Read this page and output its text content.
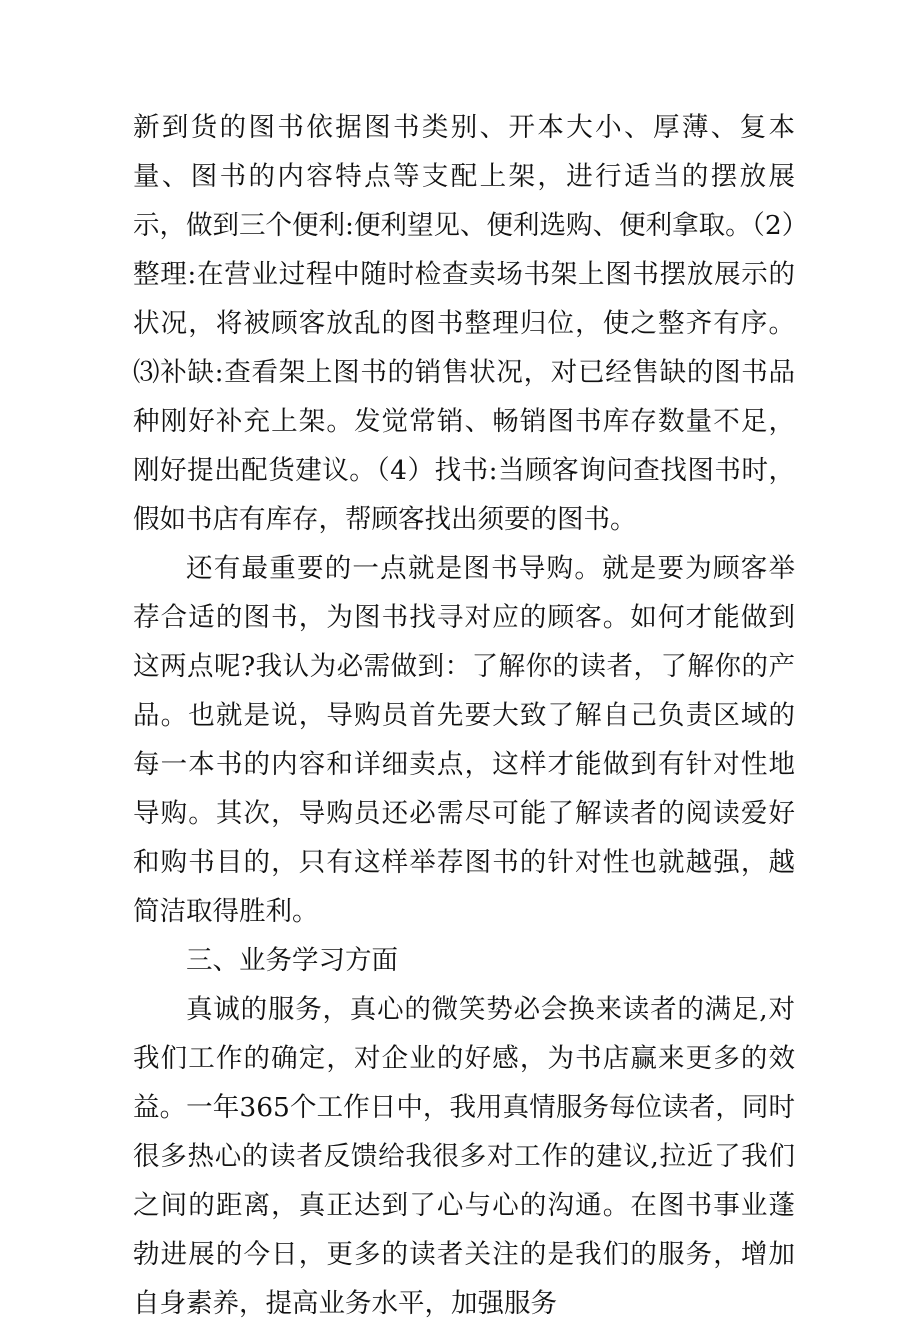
新到货的图书依据图书类别、开本大小、厚薄、复本量、图书的内容特点等支配上架，进行适当的摆放展示，做到三个便利:便利望见、便利选购、便利拿取。（2）整理:在营业过程中随时检查卖场书架上图书摆放展示的状况，将被顾客放乱的图书整理归位，使之整齐有序。⑶补缺:查看架上图书的销售状况，对已经售缺的图书品种刚好补充上架。发觉常销、畅销图书库存数量不足，刚好提出配货建议。（4）找书:当顾客询问查找图书时，假如书店有库存，帮顾客找出须要的图书。

还有最重要的一点就是图书导购。就是要为顾客举荐合适的图书，为图书找寻对应的顾客。如何才能做到这两点呢?我认为必需做到：了解你的读者，了解你的产品。也就是说，导购员首先要大致了解自己负责区域的每一本书的内容和详细卖点，这样才能做到有针对性地导购。其次，导购员还必需尽可能了解读者的阅读爱好和购书目的，只有这样举荐图书的针对性也就越强，越简洁取得胜利。

三、业务学习方面

真诚的服务，真心的微笑势必会换来读者的满足,对我们工作的确定，对企业的好感，为书店赢来更多的效益。一年365个工作日中，我用真情服务每位读者，同时很多热心的读者反馈给我很多对工作的建议,拉近了我们之间的距离，真正达到了心与心的沟通。在图书事业蓬勃进展的今日，更多的读者关注的是我们的服务，增加自身素养，提高业务水平，加强服务
